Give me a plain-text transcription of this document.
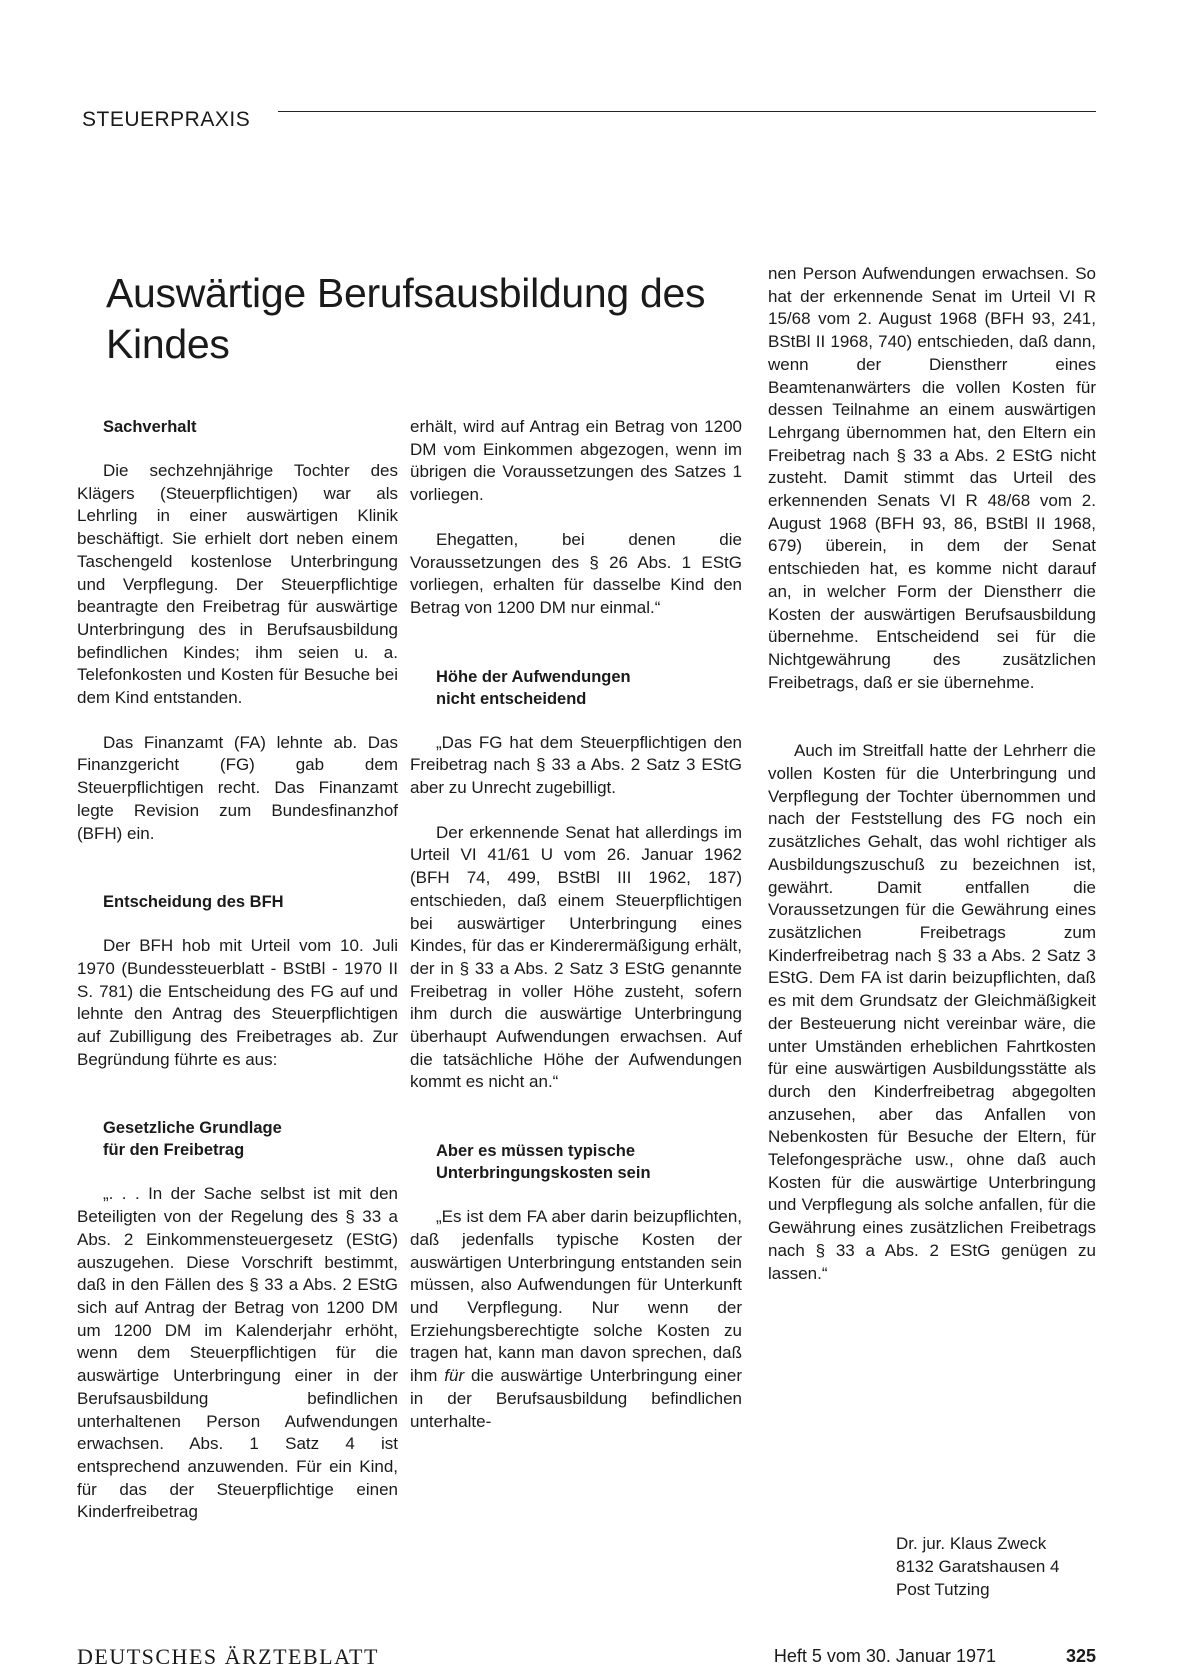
STEUERPRAXIS
Auswärtige Berufsausbildung des Kindes
Sachverhalt

Die sechzehnjährige Tochter des Klägers (Steuerpflichtigen) war als Lehrling in einer auswärtigen Klinik beschäftigt. Sie erhielt dort neben einem Taschengeld kostenlose Unterbringung und Verpflegung. Der Steuerpflichtige beantragte den Freibetrag für auswärtige Unterbringung des in Berufsausbildung befindlichen Kindes; ihm seien u. a. Telefonkosten und Kosten für Besuche bei dem Kind entstanden.

Das Finanzamt (FA) lehnte ab. Das Finanzgericht (FG) gab dem Steuerpflichtigen recht. Das Finanzamt legte Revision zum Bundesfinanzhof (BFH) ein.

Entscheidung des BFH

Der BFH hob mit Urteil vom 10. Juli 1970 (Bundessteuerblatt - BStBl - 1970 II S. 781) die Entscheidung des FG auf und lehnte den Antrag des Steuerpflichtigen auf Zubilligung des Freibetrages ab. Zur Begründung führte es aus:

Gesetzliche Grundlage
für den Freibetrag

„. . . In der Sache selbst ist mit den Beteiligten von der Regelung des § 33 a Abs. 2 Einkommensteuergesetz (EStG) auszugehen. Diese Vorschrift bestimmt, daß in den Fällen des § 33 a Abs. 2 EStG sich auf Antrag der Betrag von 1200 DM um 1200 DM im Kalenderjahr erhöht, wenn dem Steuerpflichtigen für die auswärtige Unterbringung einer in der Berufsausbildung befindlichen unterhaltenen Person Aufwendungen erwachsen. Abs. 1 Satz 4 ist entsprechend anzuwenden. Für ein Kind, für das der Steuerpflichtige einen Kinderfreibetrag

erhält, wird auf Antrag ein Betrag von 1200 DM vom Einkommen abgezogen, wenn im übrigen die Voraussetzungen des Satzes 1 vorliegen.

Ehegatten, bei denen die Voraussetzungen des § 26 Abs. 1 EStG vorliegen, erhalten für dasselbe Kind den Betrag von 1200 DM nur einmal.“

Höhe der Aufwendungen
nicht entscheidend

„Das FG hat dem Steuerpflichtigen den Freibetrag nach § 33 a Abs. 2 Satz 3 EStG aber zu Unrecht zugebilligt.

Der erkennende Senat hat allerdings im Urteil VI 41/61 U vom 26. Januar 1962 (BFH 74, 499, BStBl III 1962, 187) entschieden, daß einem Steuerpflichtigen bei auswärtiger Unterbringung eines Kindes, für das er Kinderermäßigung erhält, der in § 33 a Abs. 2 Satz 3 EStG genannte Freibetrag in voller Höhe zusteht, sofern ihm durch die auswärtige Unterbringung überhaupt Aufwendungen erwachsen. Auf die tatsächliche Höhe der Aufwendungen kommt es nicht an.“

Aber es müssen typische
Unterbringungskosten sein

„Es ist dem FA aber darin beizupflichten, daß jedenfalls typische Kosten der auswärtigen Unterbringung entstanden sein müssen, also Aufwendungen für Unterkunft und Verpflegung. Nur wenn der Erziehungsberechtigte solche Kosten zu tragen hat, kann man davon sprechen, daß ihm für die auswärtige Unterbringung einer in der Berufsausbildung befindlichen unterhalte-

nen Person Aufwendungen erwachsen. So hat der erkennende Senat im Urteil VI R 15/68 vom 2. August 1968 (BFH 93, 241, BStBl II 1968, 740) entschieden, daß dann, wenn der Dienstherr eines Beamtenanwärters die vollen Kosten für dessen Teilnahme an einem auswärtigen Lehrgang übernommen hat, den Eltern ein Freibetrag nach § 33 a Abs. 2 EStG nicht zusteht. Damit stimmt das Urteil des erkennenden Senats VI R 48/68 vom 2. August 1968 (BFH 93, 86, BStBl II 1968, 679) überein, in dem der Senat entschieden hat, es komme nicht darauf an, in welcher Form der Dienstherr die Kosten der auswärtigen Berufsausbildung übernehme. Entscheidend sei für die Nichtgewährung des zusätzlichen Freibetrags, daß er sie übernehme.

Auch im Streitfall hatte der Lehrherr die vollen Kosten für die Unterbringung und Verpflegung der Tochter übernommen und nach der Feststellung des FG noch ein zusätzliches Gehalt, das wohl richtiger als Ausbildungszuschuß zu bezeichnen ist, gewährt. Damit entfallen die Voraussetzungen für die Gewährung eines zusätzlichen Freibetrags zum Kinderfreibetrag nach § 33 a Abs. 2 Satz 3 EStG. Dem FA ist darin beizupflichten, daß es mit dem Grundsatz der Gleichmäßigkeit der Besteuerung nicht vereinbar wäre, die unter Umständen erheblichen Fahrtkosten für eine auswärtigen Ausbildungsstätte als durch den Kinderfreibetrag abgegolten anzusehen, aber das Anfallen von Nebenkosten für Besuche der Eltern, für Telefongespräche usw., ohne daß auch Kosten für die auswärtige Unterbringung und Verpflegung als solche anfallen, für die Gewährung eines zusätzlichen Freibetrags nach § 33 a Abs. 2 EStG genügen zu lassen.“

Dr. jur. Klaus Zweck
8132 Garatshausen 4
Post Tutzing
DEUTSCHES ÄRZTEBLATT	Heft 5 vom 30. Januar 1971	325
